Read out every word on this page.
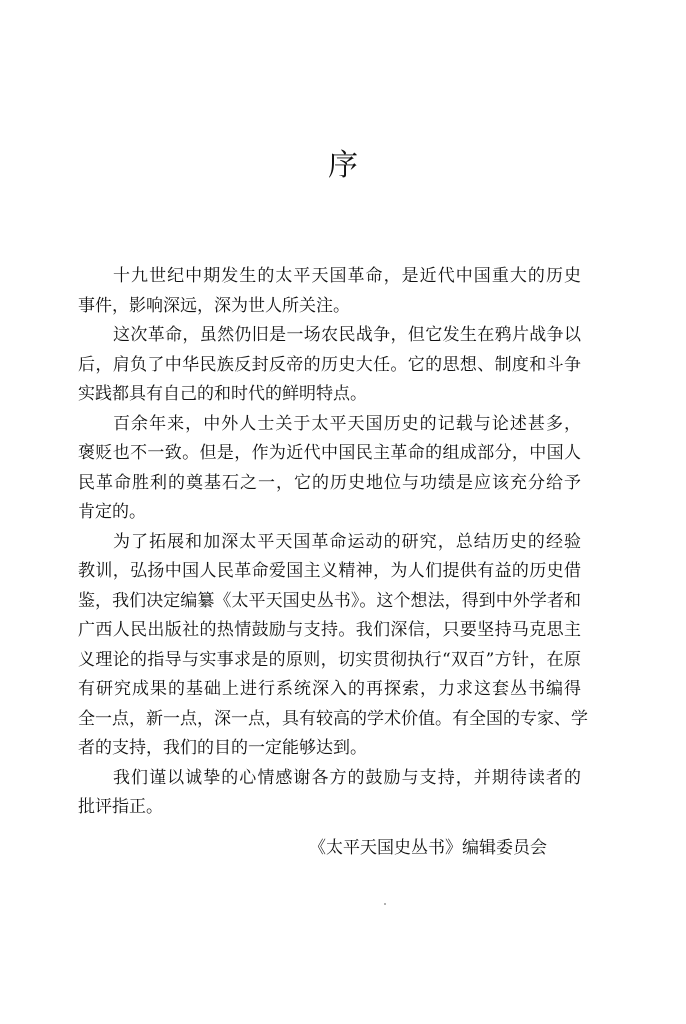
序
十九世纪中期发生的太平天国革命，是近代中国重大的历史
事件，影响深远，深为世人所关注。
这次革命，虽然仍旧是一场农民战争，但它发生在鸦片战争以
后，肩负了中华民族反封反帝的历史大任。它的思想、制度和斗争
实践都具有自己的和时代的鲜明特点。
百余年来，中外人士关于太平天国历史的记载与论述甚多，
褒贬也不一致。但是，作为近代中国民主革命的组成部分，中国人
民革命胜利的奠基石之一，它的历史地位与功绩是应该充分给予
肯定的。
为了拓展和加深太平天国革命运动的研究，总结历史的经验
教训，弘扬中国人民革命爱国主义精神，为人们提供有益的历史借
鉴，我们决定编纂《太平天国史丛书》。这个想法，得到中外学者和
广西人民出版社的热情鼓励与支持。我们深信，只要坚持马克思主
义理论的指导与实事求是的原则，切实贯彻执行“双百”方针，在原
有研究成果的基础上进行系统深入的再探索，力求这套丛书编得
全一点，新一点，深一点，具有较高的学术价值。有全国的专家、学
者的支持，我们的目的一定能够达到。
我们谨以诚挚的心情感谢各方的鼓励与支持，并期待读者的
批评指正。

《太平天国史丛书》编辑委员会
